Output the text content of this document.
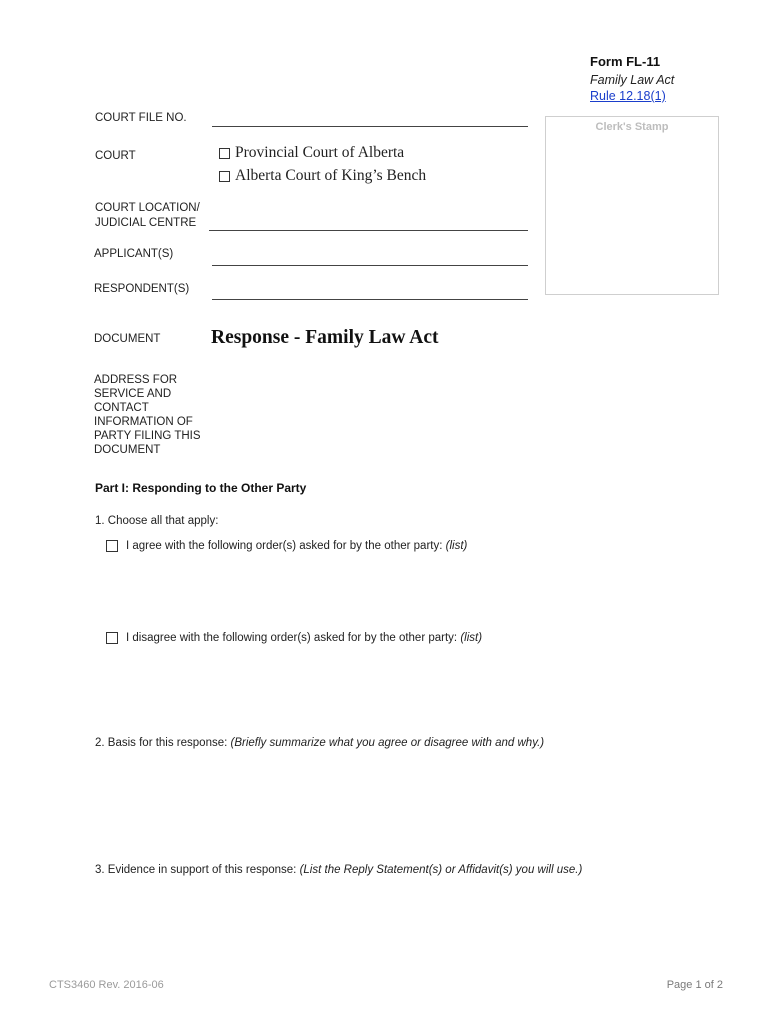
Form FL-11
Family Law Act
Rule 12.18(1)
Clerk's Stamp
COURT FILE NO.
COURT	Provincial Court of Alberta
Alberta Court of King’s Bench
COURT LOCATION/
JUDICIAL CENTRE
APPLICANT(S)
RESPONDENT(S)
DOCUMENT	Response - Family Law Act
ADDRESS FOR
SERVICE AND
CONTACT
INFORMATION OF
PARTY FILING THIS
DOCUMENT
Part I: Responding to the Other Party
1. Choose all that apply:
I agree with the following order(s) asked for by the other party:
(list)
I disagree with the following order(s) asked for by the other party:
(list)
2. Basis for this response: (Briefly summarize what you agree or disagree with and why.)
3. Evidence in support of this response: (List the Reply Statement(s) or Affidavit(s) you will use.)
CTS3460 Rev. 2016-06	Page 1 of 2
